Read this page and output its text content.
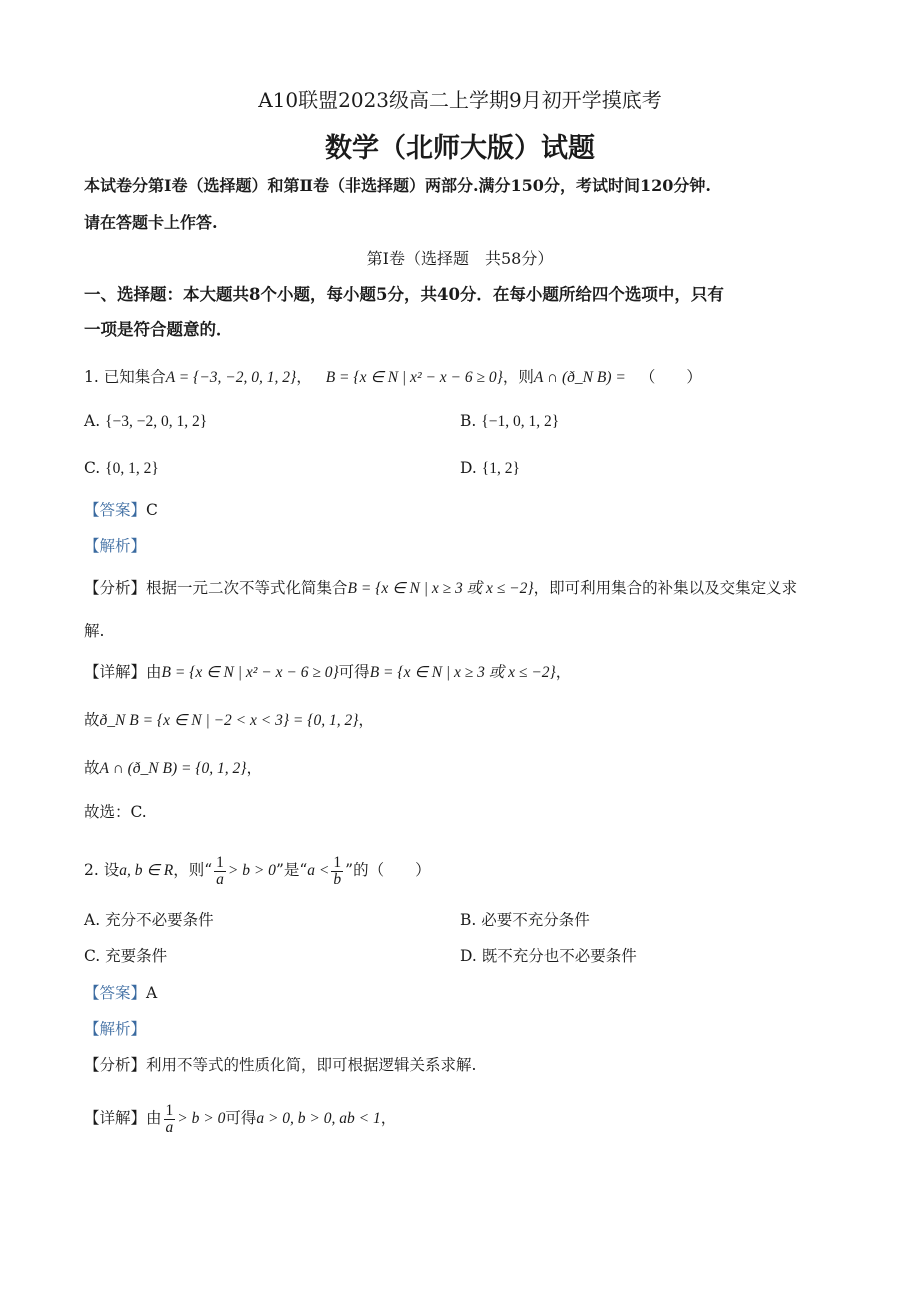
A10联盟2023级高二上学期9月初开学摸底考
数学（北师大版）试题
本试卷分第Ⅰ卷（选择题）和第Ⅱ卷（非选择题）两部分.满分150分，考试时间120分钟.
请在答题卡上作答.
第Ⅰ卷（选择题　共58分）
一、选择题：本大题共8个小题，每小题5分，共40分．在每小题所给四个选项中，只有
一项是符合题意的．
1. 已知集合A = {−3, −2, 0, 1, 2}， B = {x ∈ N | x² − x − 6 ≥ 0}，则A ∩ (ð_N B) = （　　）
A. {−3, −2, 0, 1, 2}	B. {−1, 0, 1, 2}
C. {0, 1, 2}	D. {1, 2}
【答案】C
【解析】
【分析】根据一元二次不等式化简集合B = {x ∈ N | x ≥ 3 或 x ≤ −2}，即可利用集合的补集以及交集定义求
解.
【详解】由B = {x ∈ N | x² − x − 6 ≥ 0}可得B = {x ∈ N | x ≥ 3 或 x ≤ −2}，
故ð_N B = {x ∈ N | −2 < x < 3} = {0, 1, 2}，
故A ∩ (ð_N B) = {0, 1, 2}，
故选：C.
2. 设a, b ∈ R，则“ $\frac{1}{a} > b > 0$”是“$a < \frac{1}{b}$ ”的（　　）
A. 充分不必要条件	B. 必要不充分条件
C. 充要条件	D. 既不充分也不必要条件
【答案】A
【解析】
【分析】利用不等式的性质化简，即可根据逻辑关系求解.
【详解】由 $\frac{1}{a} > b > 0$可得a > 0, b > 0, ab < 1，
